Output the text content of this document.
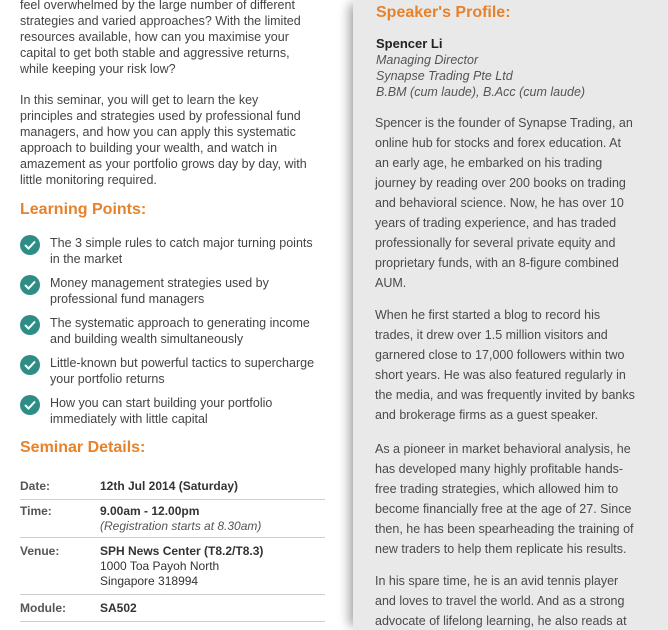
feel overwhelmed by the large number of different
strategies and varied approaches? With the limited
resources available, how can you maximise your
capital to get both stable and aggressive returns,
while keeping your risk low?

In this seminar, you will get to learn the key
principles and strategies used by professional fund
managers, and how you can apply this systematic
approach to building your wealth, and watch in
amazement as your portfolio grows day by day, with
little monitoring required.

Learning Points:
The 3 simple rules to catch major turning points
in the market
Money management strategies used by
professional fund managers
The systematic approach to generating income
and building wealth simultaneously
Little-known but powerful tactics to supercharge
your portfolio returns
How you can start building your portfolio
immediately with little capital
Seminar Details:
Date:	12th Jul 2014 (Saturday)
Time:	9.00am - 12.00pm
(Registration starts at 8.30am)
Venue:	SPH News Center (T8.2/T8.3)
1000 Toa Payoh North
Singapore 318994
Module:	SA502
Speaker's Profile:
Spencer Li
Managing Director
Synapse Trading Pte Ltd
B.BM (cum laude), B.Acc (cum laude)

Spencer is the founder of Synapse Trading, an
online hub for stocks and forex education. At
an early age, he embarked on his trading
journey by reading over 200 books on trading
and behavioral science. Now, he has over 10
years of trading experience, and has traded
professionally for several private equity and
proprietary funds, with an 8-figure combined
AUM.

When he first started a blog to record his
trades, it drew over 1.5 million visitors and
garnered close to 17,000 followers within two
short years. He was also featured regularly in
the media, and was frequently invited by banks
and brokerage firms as a guest speaker.

As a pioneer in market behavioral analysis, he
has developed many highly profitable hands-
free trading strategies, which allowed him to
become financially free at the age of 27. Since
then, he has been spearheading the training of
new traders to help them replicate his results.

In his spare time, he is an avid tennis player
and loves to travel the world. And as a strong
advocate of lifelong learning, he also reads at
